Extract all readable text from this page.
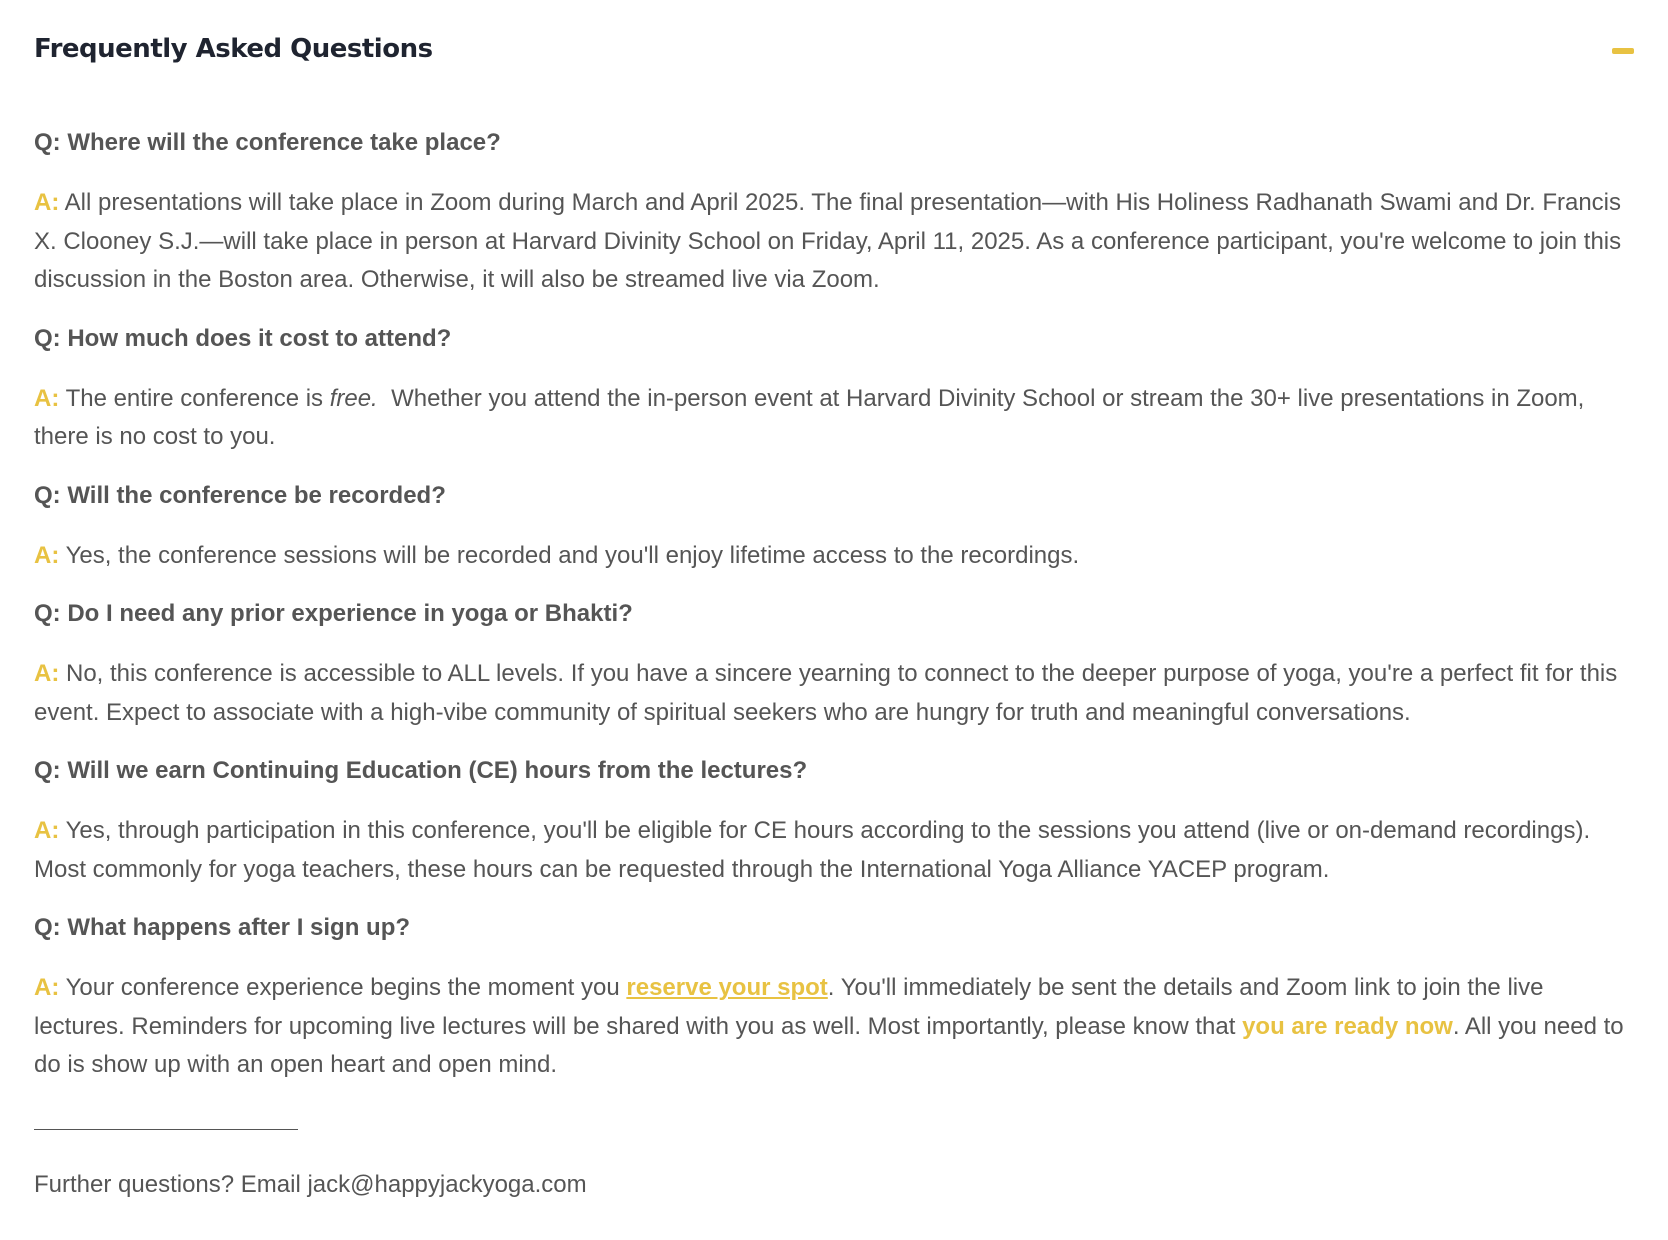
Frequently Asked Questions
Q: Where will the conference take place?

A: All presentations will take place in Zoom during March and April 2025. The final presentation—with His Holiness Radhanath Swami and Dr. Francis X. Clooney S.J.—will take place in person at Harvard Divinity School on Friday, April 11, 2025. As a conference participant, you're welcome to join this discussion in the Boston area. Otherwise, it will also be streamed live via Zoom.

Q: How much does it cost to attend?

A: The entire conference is free.  Whether you attend the in-person event at Harvard Divinity School or stream the 30+ live presentations in Zoom, there is no cost to you.

Q: Will the conference be recorded?

A: Yes, the conference sessions will be recorded and you'll enjoy lifetime access to the recordings.

Q: Do I need any prior experience in yoga or Bhakti?

A: No, this conference is accessible to ALL levels. If you have a sincere yearning to connect to the deeper purpose of yoga, you're a perfect fit for this event. Expect to associate with a high-vibe community of spiritual seekers who are hungry for truth and meaningful conversations.

Q: Will we earn Continuing Education (CE) hours from the lectures?

A: Yes, through participation in this conference, you'll be eligible for CE hours according to the sessions you attend (live or on-demand recordings). Most commonly for yoga teachers, these hours can be requested through the International Yoga Alliance YACEP program.

Q: What happens after I sign up?

A: Your conference experience begins the moment you reserve your spot. You'll immediately be sent the details and Zoom link to join the live lectures. Reminders for upcoming live lectures will be shared with you as well. Most importantly, please know that you are ready now. All you need to do is show up with an open heart and open mind.

Further questions? Email jack@happyjackyoga.com
